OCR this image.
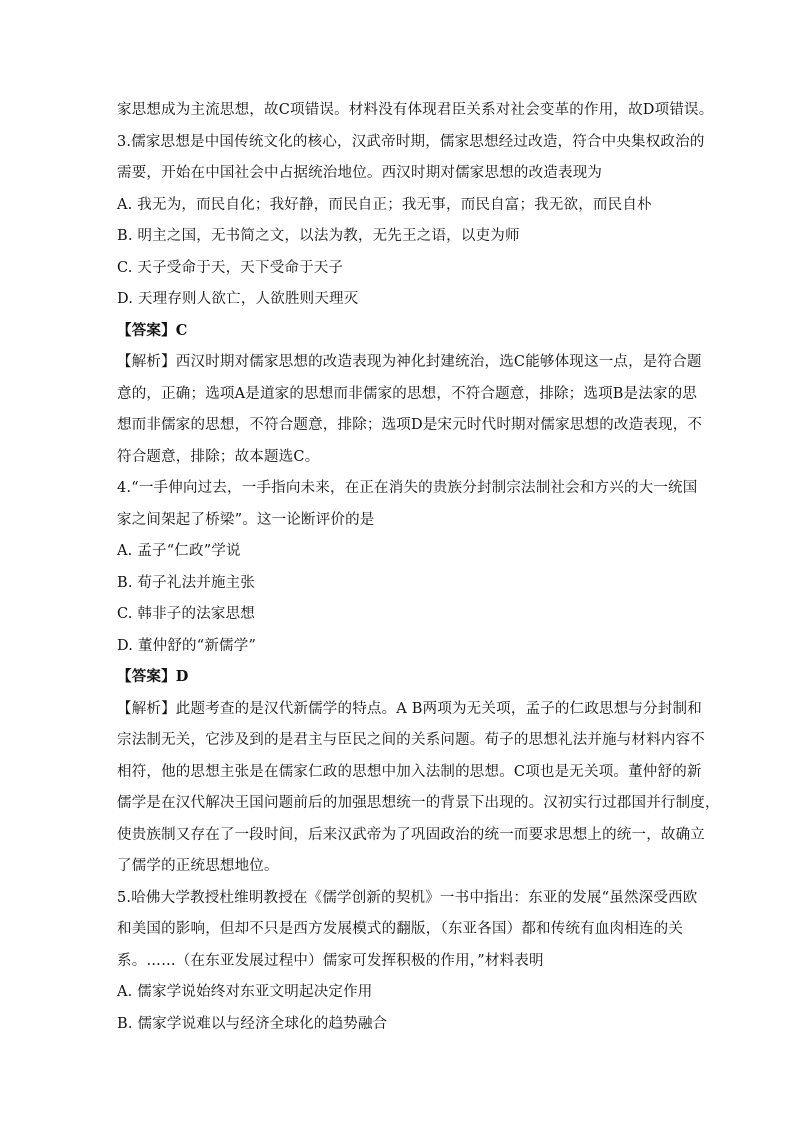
家思想成为主流思想，故C项错误。材料没有体现君臣关系对社会变革的作用，故D项错误。
3.儒家思想是中国传统文化的核心，汉武帝时期，儒家思想经过改造，符合中央集权政治的
需要，开始在中国社会中占据统治地位。西汉时期对儒家思想的改造表现为
A. 我无为，而民自化；我好静，而民自正；我无事，而民自富；我无欲，而民自朴
B. 明主之国，无书简之文，以法为教，无先王之语，以吏为师
C. 天子受命于天，天下受命于天子
D. 天理存则人欲亡，人欲胜则天理灭
【答案】C
【解析】西汉时期对儒家思想的改造表现为神化封建统治，选C能够体现这一点，是符合题
意的，正确；选项A是道家的思想而非儒家的思想，不符合题意，排除；选项B是法家的思
想而非儒家的思想，不符合题意，排除；选项D是宋元时代时期对儒家思想的改造表现，不
符合题意，排除；故本题选C。
4.“一手伸向过去，一手指向未来，在正在消失的贵族分封制宗法制社会和方兴的大一统国
家之间架起了桥梁”。这一论断评价的是
A. 孟子“仁政”学说
B. 荀子礼法并施主张
C. 韩非子的法家思想
D. 董仲舒的“新儒学”
【答案】D
【解析】此题考查的是汉代新儒学的特点。A B两项为无关项，孟子的仁政思想与分封制和
宗法制无关，它涉及到的是君主与臣民之间的关系问题。荀子的思想礼法并施与材料内容不
相符，他的思想主张是在儒家仁政的思想中加入法制的思想。C项也是无关项。董仲舒的新
儒学是在汉代解决王国问题前后的加强思想统一的背景下出现的。汉初实行过郡国并行制度，
使贵族制又存在了一段时间，后来汉武帝为了巩固政治的统一而要求思想上的统一，故确立
了儒学的正统思想地位。
5.哈佛大学教授杜维明教授在《儒学创新的契机》一书中指出：东亚的发展“虽然深受西欧
和美国的影响，但却不只是西方发展模式的翻版，（东亚各国）都和传统有血肉相连的关
系。……（在东亚发展过程中）儒家可发挥积极的作用，”材料表明
A. 儒家学说始终对东亚文明起决定作用
B. 儒家学说难以与经济全球化的趋势融合
